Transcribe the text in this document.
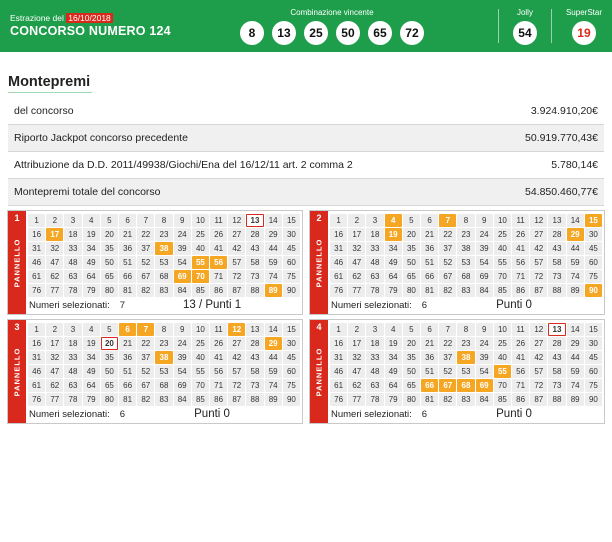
Estrazione del 16/10/2018
CONCORSO NUMERO 124
Combinazione vincente
8	13	25	50	65	72
Jolly
54
SuperStar
19
Montepremi
del concorso	3.924.910,20€
Riporto Jackpot concorso precedente	50.919.770,43€
Attribuzione da D.D. 2011/49938/Giochi/Ena del 16/12/11 art. 2 comma 2	5.780,14€
Montepremi totale del concorso	54.850.460,77€
1
PANNELLO
1	2	3	4	5	6	7	8	9	10	11	12	13	14	15
16	17	18	19	20	21	22	23	24	25	26	27	28	29	30
31	32	33	34	35	36	37	38	39	40	41	42	43	44	45
46	47	48	49	50	51	52	53	54	55	56	57	58	59	60
61	62	63	64	65	66	67	68	69	70	71	72	73	74	75
76	77	78	79	80	81	82	83	84	85	86	87	88	89	90
Numeri selezionati: 7	13 / Punti 1
2
PANNELLO
1	2	3	4	5	6	7	8	9	10	11	12	13	14	15
16	17	18	19	20	21	22	23	24	25	26	27	28	29	30
31	32	33	34	35	36	37	38	39	40	41	42	43	44	45
46	47	48	49	50	51	52	53	54	55	56	57	58	59	60
61	62	63	64	65	66	67	68	69	70	71	72	73	74	75
76	77	78	79	80	81	82	83	84	85	86	87	88	89	90
Numeri selezionati: 6	Punti 0
3
PANNELLO
1	2	3	4	5	6	7	8	9	10	11	12	13	14	15
16	17	18	19	20	21	22	23	24	25	26	27	28	29	30
31	32	33	34	35	36	37	38	39	40	41	42	43	44	45
46	47	48	49	50	51	52	53	54	55	56	57	58	59	60
61	62	63	64	65	66	67	68	69	70	71	72	73	74	75
76	77	78	79	80	81	82	83	84	85	86	87	88	89	90
Numeri selezionati: 6	Punti 0
4
PANNELLO
1	2	3	4	5	6	7	8	9	10	11	12	13	14	15
16	17	18	19	20	21	22	23	24	25	26	27	28	29	30
31	32	33	34	35	36	37	38	39	40	41	42	43	44	45
46	47	48	49	50	51	52	53	54	55	56	57	58	59	60
61	62	63	64	65	66	67	68	69	70	71	72	73	74	75
76	77	78	79	80	81	82	83	84	85	86	87	88	89	90
Numeri selezionati: 6	Punti 0
